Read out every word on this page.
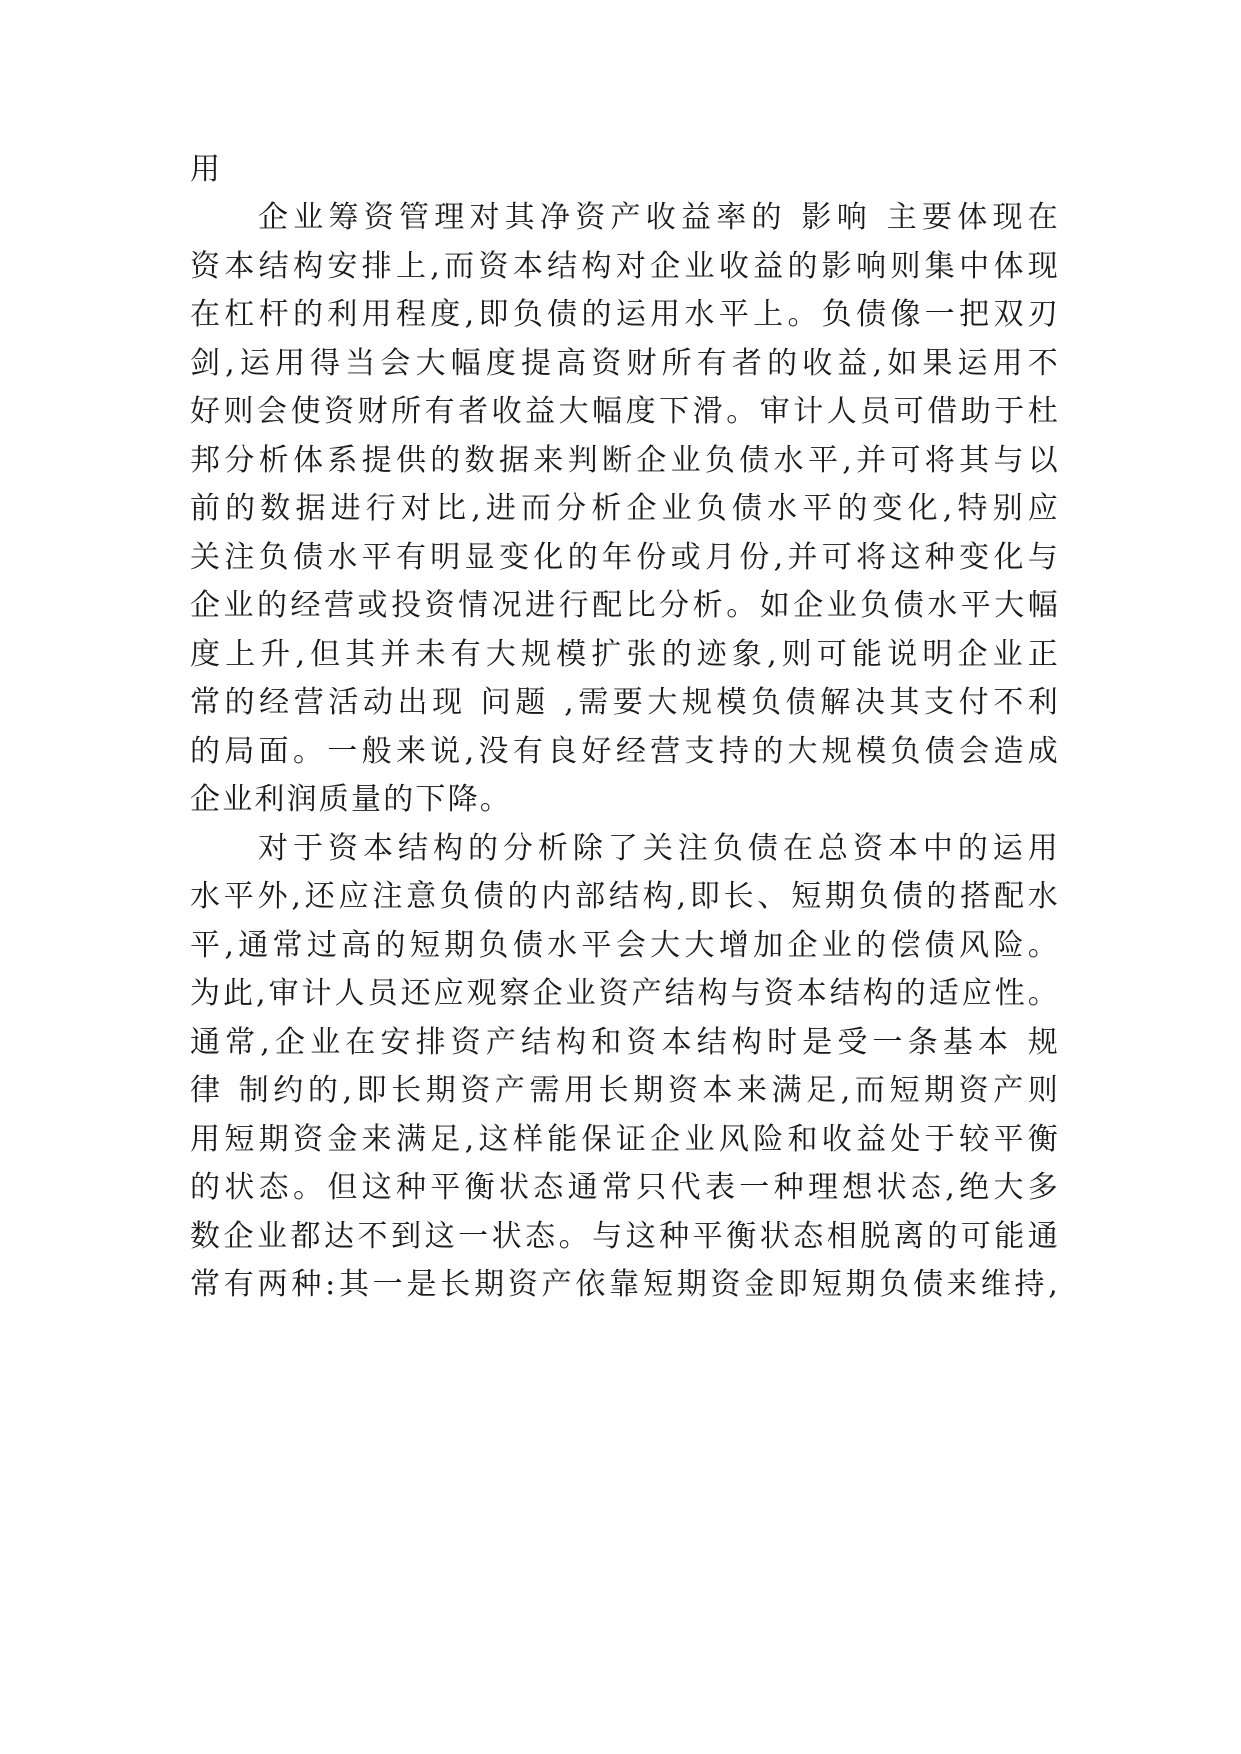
用
企业筹资管理对其净资产收益率的 影响 主要体现在
资本结构安排上,而资本结构对企业收益的影响则集中体现
在杠杆的利用程度,即负债的运用水平上。负债像一把双刃
剑,运用得当会大幅度提高资财所有者的收益,如果运用不
好则会使资财所有者收益大幅度下滑。审计人员可借助于杜
邦分析体系提供的数据来判断企业负债水平,并可将其与以
前的数据进行对比,进而分析企业负债水平的变化,特别应
关注负债水平有明显变化的年份或月份,并可将这种变化与
企业的经营或投资情况进行配比分析。如企业负债水平大幅
度上升,但其并未有大规模扩张的迹象,则可能说明企业正
常的经营活动出现 问题 ,需要大规模负债解决其支付不利
的局面。一般来说,没有良好经营支持的大规模负债会造成
企业利润质量的下降。
对于资本结构的分析除了关注负债在总资本中的运用
水平外,还应注意负债的内部结构,即长、短期负债的搭配水
平,通常过高的短期负债水平会大大增加企业的偿债风险。
为此,审计人员还应观察企业资产结构与资本结构的适应性。
通常,企业在安排资产结构和资本结构时是受一条基本 规
律 制约的,即长期资产需用长期资本来满足,而短期资产则
用短期资金来满足,这样能保证企业风险和收益处于较平衡
的状态。但这种平衡状态通常只代表一种理想状态,绝大多
数企业都达不到这一状态。与这种平衡状态相脱离的可能通
常有两种:其一是长期资产依靠短期资金即短期负债来维持,
